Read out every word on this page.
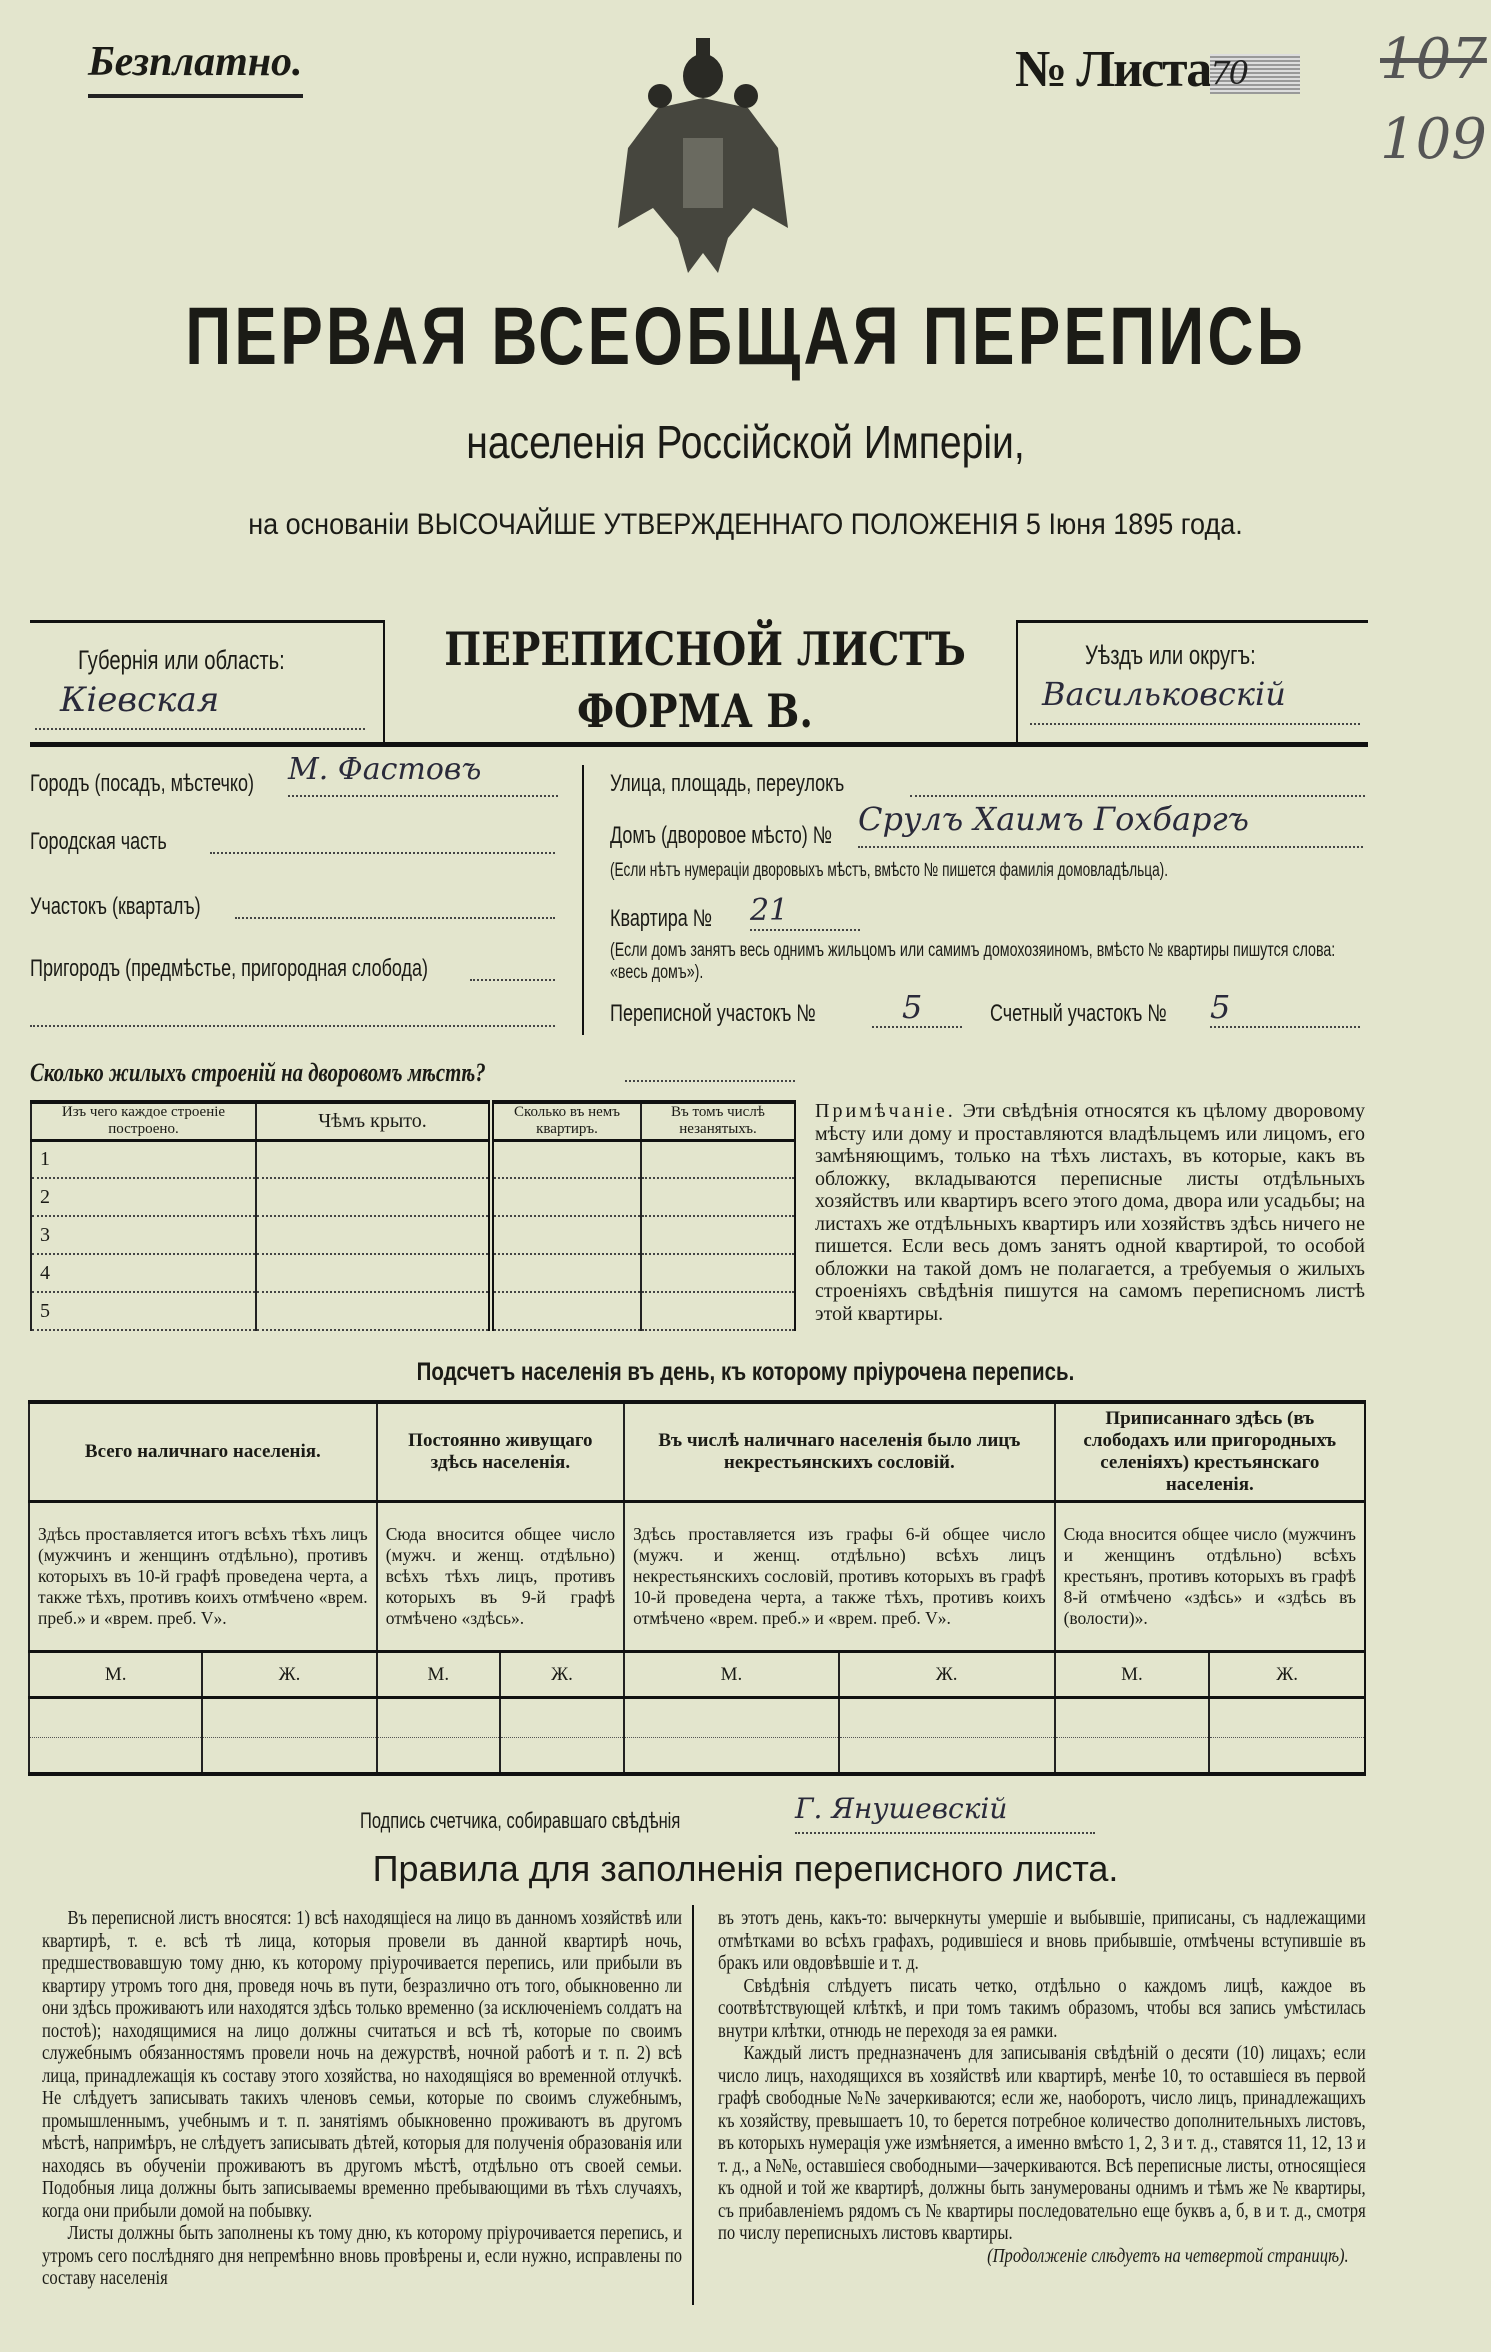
Безплатно.	№ Листа70	107
109
ПЕРВАЯ ВСЕОБЩАЯ ПЕРЕПИСЬ
населенія Россійской Имперіи,
на основаніи ВЫСОЧАЙШЕ УТВЕРЖДЕННАГО ПОЛОЖЕНІЯ 5 Іюня 1895 года.
Губернія или область:
Кіевская
ПЕРЕПИСНОЙ ЛИСТЪ
ФОРМА В.
Уѣздъ или округъ:
Васильковскій
Городъ (посадъ, мѣстечко) М. Фастовъ
Городская часть
Участокъ (кварталъ)
Пригородъ (предмѣстье, пригородная слобода)
Улица, площадь, переулокъ
Домъ (дворовое мѣсто) № Срулъ Хаимъ Гохбаргъ
(Если нѣтъ нумераціи дворовыхъ мѣстъ, вмѣсто № пишется фамилія домовладѣльца).
Квартира № 21
(Если домъ занятъ весь однимъ жильцомъ или самимъ домохозяиномъ, вмѣсто № квартиры пишутся слова: «весь домъ»).
Переписной участокъ №	5	Счетный участокъ № 5
Сколько жилыхъ строеній на дворовомъ мѣстѣ?
Изъ чего каждое строеніе построено.	Чѣмъ крыто.	Сколько въ немъ квартиръ.	Въ томъ числѣ незанятыхъ.
1			
2			
3			
4			
5			
Примѣчаніе. Эти свѣдѣнія относятся къ цѣлому дворовому мѣсту или дому и проставляются владѣльцемъ или лицомъ, его замѣняющимъ, только на тѣхъ листахъ, въ которые, какъ въ обложку, вкладываются переписные листы отдѣльныхъ хозяйствъ или квартиръ всего этого дома, двора или усадьбы; на листахъ же отдѣльныхъ квартиръ или хозяйствъ здѣсь ничего не пишется. Если весь домъ занятъ одной квартирой, то особой обложки на такой домъ не полагается, а требуемыя о жилыхъ строеніяхъ свѣдѣнія пишутся на самомъ переписномъ листѣ этой квартиры.
Подсчетъ населенія въ день, къ которому пріурочена перепись.
Всего наличнаго населенія.		Постоянно живущаго здѣсь населенія.		Въ числѣ наличнаго населенія было лицъ некрестьянскихъ сословій.		Приписаннаго здѣсь (въ слободахъ или пригородныхъ селеніяхъ) крестьянскаго населенія.	
Здѣсь проставляется итогъ всѣхъ тѣхъ лицъ (мужчинъ и женщинъ отдѣльно), противъ которыхъ въ 10-й графѣ проведена черта, а также тѣхъ, противъ коихъ отмѣчено «врем. преб.» и «врем. преб. V».		Сюда вносится общее число (мужч. и женщ. отдѣльно) всѣхъ тѣхъ лицъ, противъ которыхъ въ 9-й графѣ отмѣчено «здѣсь».		Здѣсь проставляется изъ графы 6-й общее число (мужч. и женщ. отдѣльно) всѣхъ лицъ некрестьянскихъ сословій, противъ которыхъ въ графѣ 10-й проведена черта, а также тѣхъ, противъ коихъ отмѣчено «врем. преб.» и «врем. преб. V».		Сюда вносится общее число (мужчинъ и женщинъ отдѣльно) всѣхъ крестьянъ, противъ которыхъ въ графѣ 8-й отмѣчено «здѣсь» и «здѣсь въ (волости)».	
М.	Ж.	М.	Ж.	М.	Ж.	М.	Ж.

Подпись счетчика, собиравшаго свѣдѣнія	Г. Янушевскій
Правила для заполненія переписного листа.

Въ переписной листъ вносятся: 1) всѣ находящіеся на лицо въ данномъ хозяйствѣ или квартирѣ, т. е. всѣ тѣ лица, которыя провели въ данной квартирѣ ночь, предшествовавшую тому дню, къ которому пріурочивается перепись, или прибыли въ квартиру утромъ того дня, проведя ночь въ пути, безразлично отъ того, обыкновенно ли они здѣсь проживаютъ или находятся здѣсь только временно (за исключеніемъ солдатъ на постоѣ); находящимися на лицо должны считаться и всѣ тѣ, которые по своимъ служебнымъ обязанностямъ провели ночь на дежурствѣ, ночной работѣ и т. п. 2) всѣ лица, принадлежащія къ составу этого хозяйства, но находящіяся во временной отлучкѣ. Не слѣдуетъ записывать такихъ членовъ семьи, которые по своимъ служебнымъ, промышленнымъ, учебнымъ и т. п. занятіямъ обыкновенно проживаютъ въ другомъ мѣстѣ, напримѣръ, не слѣдуетъ записывать дѣтей, которыя для полученія образованія или находясь въ обученіи проживаютъ въ другомъ мѣстѣ, отдѣльно отъ своей семьи. Подобныя лица должны быть записываемы временно пребывающими въ тѣхъ случаяхъ, когда они прибыли домой на побывку.

Листы должны быть заполнены къ тому дню, къ которому пріурочивается перепись, и утромъ сего послѣдняго дня непремѣнно вновь провѣрены и, если нужно, исправлены по составу населенія

въ этотъ день, какъ-то: вычеркнуты умершіе и выбывшіе, приписаны, съ надлежащими отмѣтками во всѣхъ графахъ, родившіеся и вновь прибывшіе, отмѣчены вступившіе въ бракъ или овдовѣвшіе и т. д.

Свѣдѣнія слѣдуетъ писать четко, отдѣльно о каждомъ лицѣ, каждое въ соотвѣтствующей клѣткѣ, и при томъ такимъ образомъ, чтобы вся запись умѣстилась внутри клѣтки, отнюдь не переходя за ея рамки.

Каждый листъ предназначенъ для записыванія свѣдѣній о десяти (10) лицахъ; если число лицъ, находящихся въ хозяйствѣ или квартирѣ, менѣе 10, то оставшіеся въ первой графѣ свободные №№ зачеркиваются; если же, наоборотъ, число лицъ, принадлежащихъ къ хозяйству, превышаетъ 10, то берется потребное количество дополнительныхъ листовъ, въ которыхъ нумерація уже измѣняется, а именно вмѣсто 1, 2, 3 и т. д., ставятся 11, 12, 13 и т. д., а №№, оставшіеся свободными—зачеркиваются. Всѣ переписные листы, относящіеся къ одной и той же квартирѣ, должны быть занумерованы однимъ и тѣмъ же № квартиры, съ прибавленіемъ рядомъ съ № квартиры последовательно еще буквъ а, б, в и т. д., смотря по числу переписныхъ листовъ квартиры.

(Продолженіе слѣдуетъ на четвертой страницѣ).
